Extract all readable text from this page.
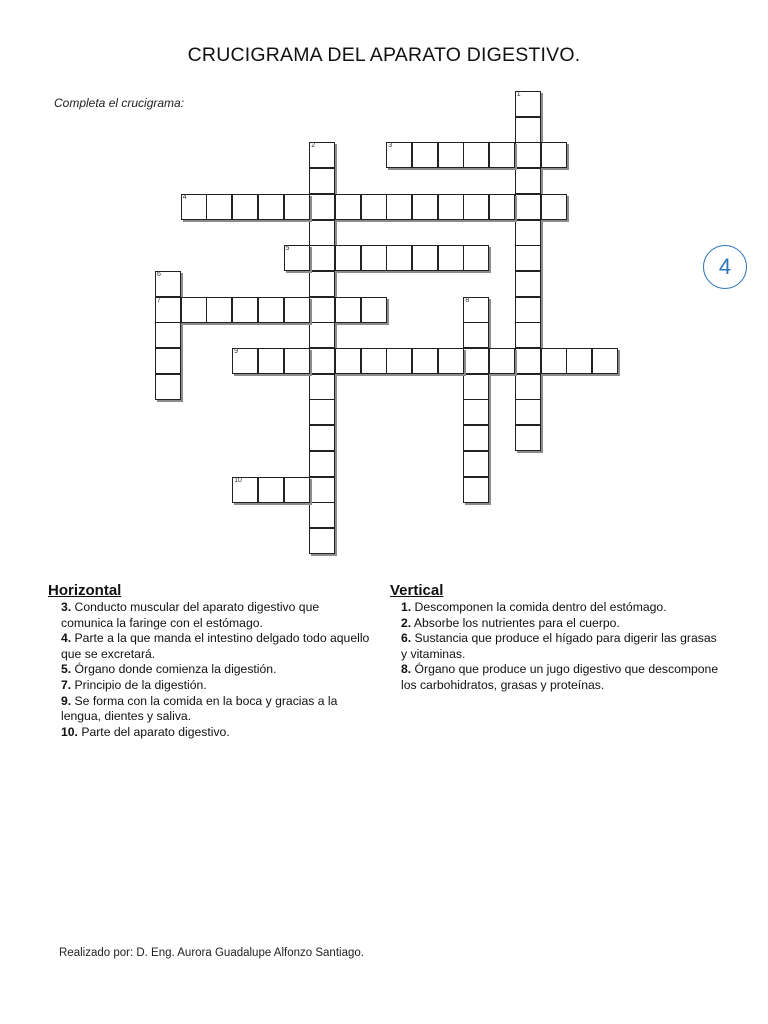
CRUCIGRAMA DEL APARATO DIGESTIVO.
Completa el crucigrama:
4
1
2	3
4
5
6
7	8
9
10
Horizontal
3. Conducto muscular del aparato digestivo que comunica la faringe con el estómago.
4. Parte a la que manda el intestino delgado todo aquello que se excretará.
5. Órgano donde comienza la digestión.
7. Principio de la digestión.
9. Se forma con la comida en la boca y gracias a la lengua, dientes y saliva.
10. Parte del aparato digestivo.
Vertical
1. Descomponen la comida dentro del estómago.
2. Absorbe los nutrientes para el cuerpo.
6. Sustancia que produce el hígado para digerir las grasas y vitaminas.
8. Órgano que produce un jugo digestivo que descompone los carbohidratos, grasas y proteínas.
Realizado por: D. Eng. Aurora Guadalupe Alfonzo Santiago.
